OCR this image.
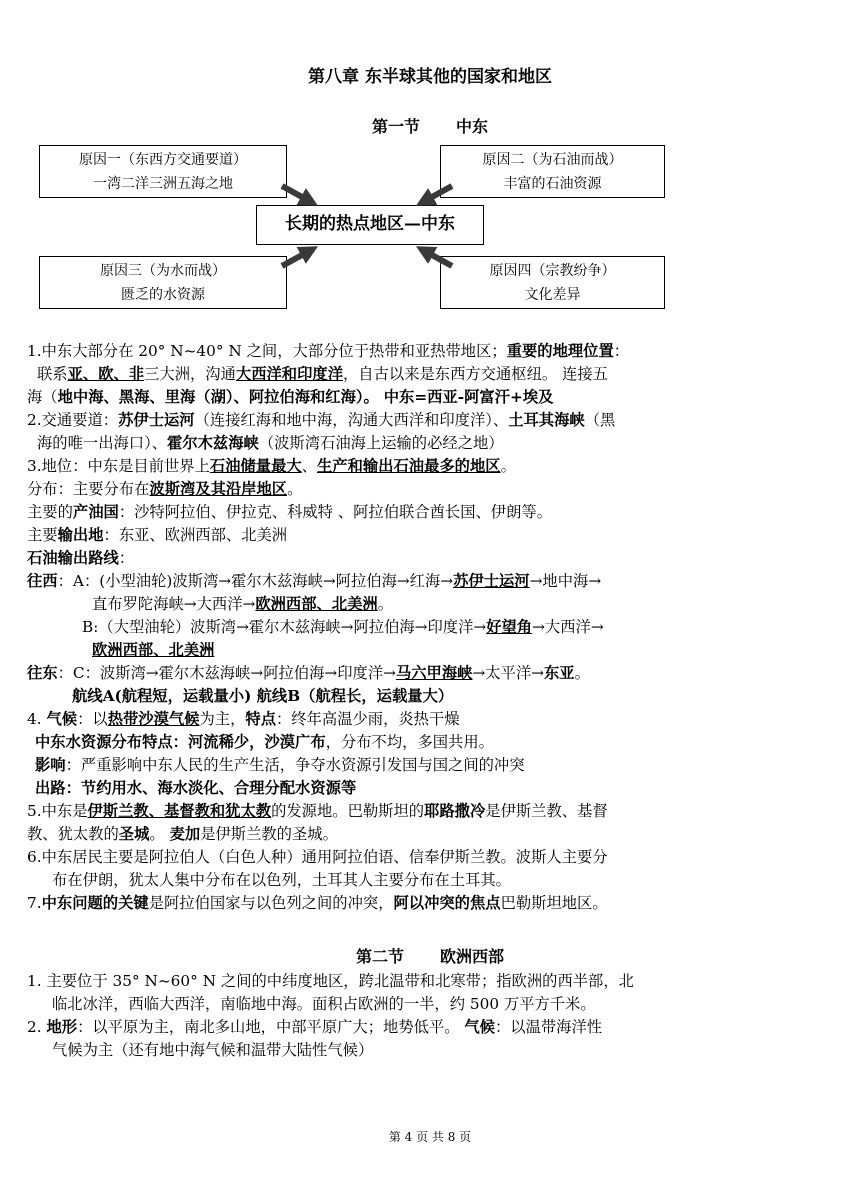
第八章 东半球其他的国家和地区
第一节 中东
原因一（东西方交通要道）
一湾二洋三洲五海之地
原因二（为石油而战）
丰富的石油资源
长期的热点地区—中东
原因三（为水而战）
匮乏的水资源
原因四（宗教纷争）
文化差异
1.中东大部分在 20° N~40° N 之间，大部分位于热带和亚热带地区；重要的地理位置：
联系亚、欧、非三大洲，沟通大西洋和印度洋，自古以来是东西方交通枢纽。 连接五
海（地中海、黑海、里海（湖）、阿拉伯海和红海）。 中东=西亚-阿富汗+埃及
2.交通要道：苏伊士运河（连接红海和地中海，沟通大西洋和印度洋）、土耳其海峡（黑
海的唯一出海口）、霍尔木兹海峡（波斯湾石油海上运输的必经之地）
3.地位：中东是目前世界上石油储量最大、生产和输出石油最多的地区。
分布：主要分布在波斯湾及其沿岸地区。
主要的产油国：沙特阿拉伯、伊拉克、科威特 、阿拉伯联合酋长国、伊朗等。
主要输出地：东亚、欧洲西部、北美洲
石油输出路线：
往西：A：(小型油轮)波斯湾→霍尔木兹海峡→阿拉伯海→红海→苏伊士运河→地中海→
直布罗陀海峡→大西洋→欧洲西部、北美洲。
B:（大型油轮）波斯湾→霍尔木兹海峡→阿拉伯海→印度洋→好望角→大西洋→
欧洲西部、北美洲
往东：C：波斯湾→霍尔木兹海峡→阿拉伯海→印度洋→马六甲海峡→太平洋→东亚。
航线A(航程短，运载量小) 航线B（航程长，运载量大）
4. 气候：以热带沙漠气候为主，特点：终年高温少雨，炎热干燥
中东水资源分布特点：河流稀少，沙漠广布，分布不均，多国共用。
影响：严重影响中东人民的生产生活，争夺水资源引发国与国之间的冲突
出路：节约用水、海水淡化、合理分配水资源等
5.中东是伊斯兰教、基督教和犹太教的发源地。巴勒斯坦的耶路撒冷是伊斯兰教、基督
教、犹太教的圣城。 麦加是伊斯兰教的圣城。
6.中东居民主要是阿拉伯人（白色人种）通用阿拉伯语、信奉伊斯兰教。波斯人主要分
布在伊朗，犹太人集中分布在以色列，土耳其人主要分布在土耳其。
7.中东问题的关键是阿拉伯国家与以色列之间的冲突，阿以冲突的焦点巴勒斯坦地区。
1. 主要位于 35° N~60° N 之间的中纬度地区，跨北温带和北寒带；指欧洲的西半部，北
临北冰洋，西临大西洋，南临地中海。面积占欧洲的一半，约 500 万平方千米。
2. 地形：以平原为主，南北多山地，中部平原广大；地势低平。 气候：以温带海洋性
气候为主（还有地中海气候和温带大陆性气候）
第二节 欧洲西部
第 4 页 共 8 页
